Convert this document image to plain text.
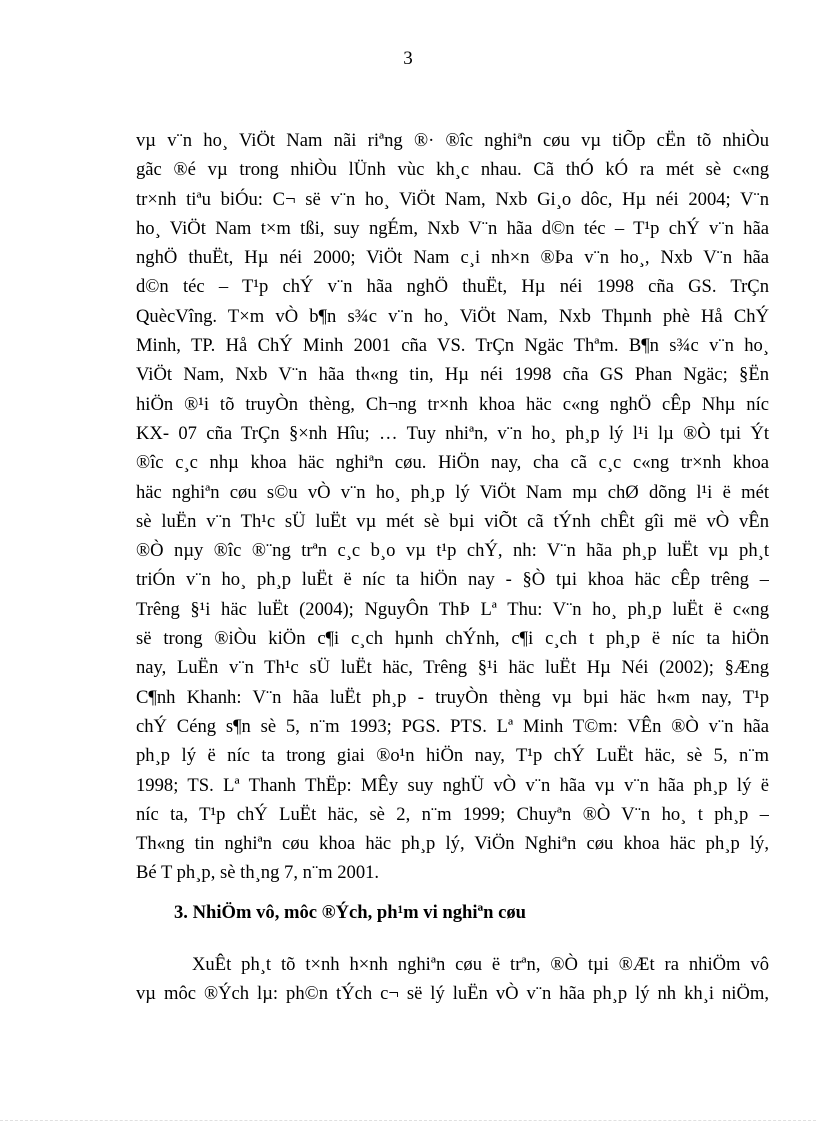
3
vµ v¨n ho¸ ViÖt Nam nãi riªng ®· ®îc nghiªn cøu vµ tiÕp cËn tõ nhiÒu
gãc ®é vµ trong nhiÒu lÜnh vùc kh¸c nhau. Cã thÓ kÓ ra mét sè c«ng
tr×nh tiªu biÓu: C¬ së v¨n ho¸ ViÖt Nam, Nxb Gi¸o dôc, Hµ néi 2004; V¨n
ho¸ ViÖt Nam t×m tßi, suy ngÉm, Nxb V¨n hãa d©n téc – T¹p chÝ v¨n hãa
nghÖ thuËt, Hµ néi 2000; ViÖt Nam c¸i nh×n ®Þa v¨n ho¸, Nxb V¨n hãa
d©n téc – T¹p chÝ v¨n hãa nghÖ thuËt, Hµ néi 1998 cña GS. TrÇn
QuècVîng. T×m vÒ b¶n s¾c v¨n ho¸ ViÖt Nam, Nxb Thµnh phè Hå ChÝ
Minh, TP. Hå ChÝ Minh 2001 cña VS. TrÇn Ngäc Thªm. B¶n s¾c v¨n ho¸
ViÖt Nam, Nxb V¨n hãa th«ng tin, Hµ néi 1998 cña GS Phan Ngäc; §Ën
hiÖn ®¹i tõ truyÒn thèng, Ch¬ng tr×nh khoa häc c«ng nghÖ cÊp Nhµ níc
KX- 07 cña TrÇn §×nh Hîu; … Tuy nhiªn, v¨n ho¸ ph¸p lý l¹i lµ ®Ò tµi Ýt
®îc c¸c nhµ khoa häc nghiªn cøu. HiÖn nay, cha cã c¸c c«ng tr×nh khoa
häc nghiªn cøu s©u vÒ v¨n ho¸ ph¸p lý ViÖt Nam mµ chØ dõng l¹i ë mét
sè luËn v¨n Th¹c sÜ luËt vµ mét sè bµi viÕt cã tÝnh chÊt gîi më vÒ vÊn
®Ò nµy ®îc ®¨ng trªn c¸c b¸o vµ t¹p chÝ, nh: V¨n hãa ph¸p luËt vµ ph¸t
triÓn v¨n ho¸ ph¸p luËt ë níc ta hiÖn nay - §Ò tµi khoa häc cÊp trêng –
Trêng §¹i häc luËt (2004); NguyÔn ThÞ Lª Thu: V¨n ho¸ ph¸p luËt ë c«ng
së trong ®iÒu kiÖn c¶i c¸ch hµnh chÝnh, c¶i c¸ch t ph¸p ë níc ta hiÖn
nay, LuËn v¨n Th¹c sÜ luËt häc, Trêng §¹i häc luËt Hµ Néi (2002); §Æng
C¶nh Khanh: V¨n hãa luËt ph¸p - truyÒn thèng vµ bµi häc h«m nay, T¹p
chÝ Céng s¶n sè 5, n¨m 1993; PGS. PTS. Lª Minh T©m: VÊn ®Ò v¨n hãa
ph¸p lý ë níc ta trong giai ®o¹n hiÖn nay, T¹p chÝ LuËt häc, sè 5, n¨m
1998; TS. Lª Thanh ThËp: MÊy suy nghÜ vÒ v¨n hãa vµ v¨n hãa ph¸p lý ë
níc ta, T¹p chÝ LuËt häc, sè 2, n¨m 1999; Chuyªn ®Ò V¨n ho¸ t ph¸p –
Th«ng tin nghiªn cøu khoa häc ph¸p lý, ViÖn Nghiªn cøu khoa häc ph¸p lý,
Bé T ph¸p, sè th¸ng 7, n¨m 2001.
3. NhiÖm vô, môc ®Ých, ph¹m vi nghiªn cøu
XuÊt ph¸t tõ t×nh h×nh nghiªn cøu ë trªn, ®Ò tµi ®Æt ra nhiÖm vô
vµ môc ®Ých lµ: ph©n tÝch c¬ së lý luËn vÒ v¨n hãa ph¸p lý nh kh¸i niÖm,
